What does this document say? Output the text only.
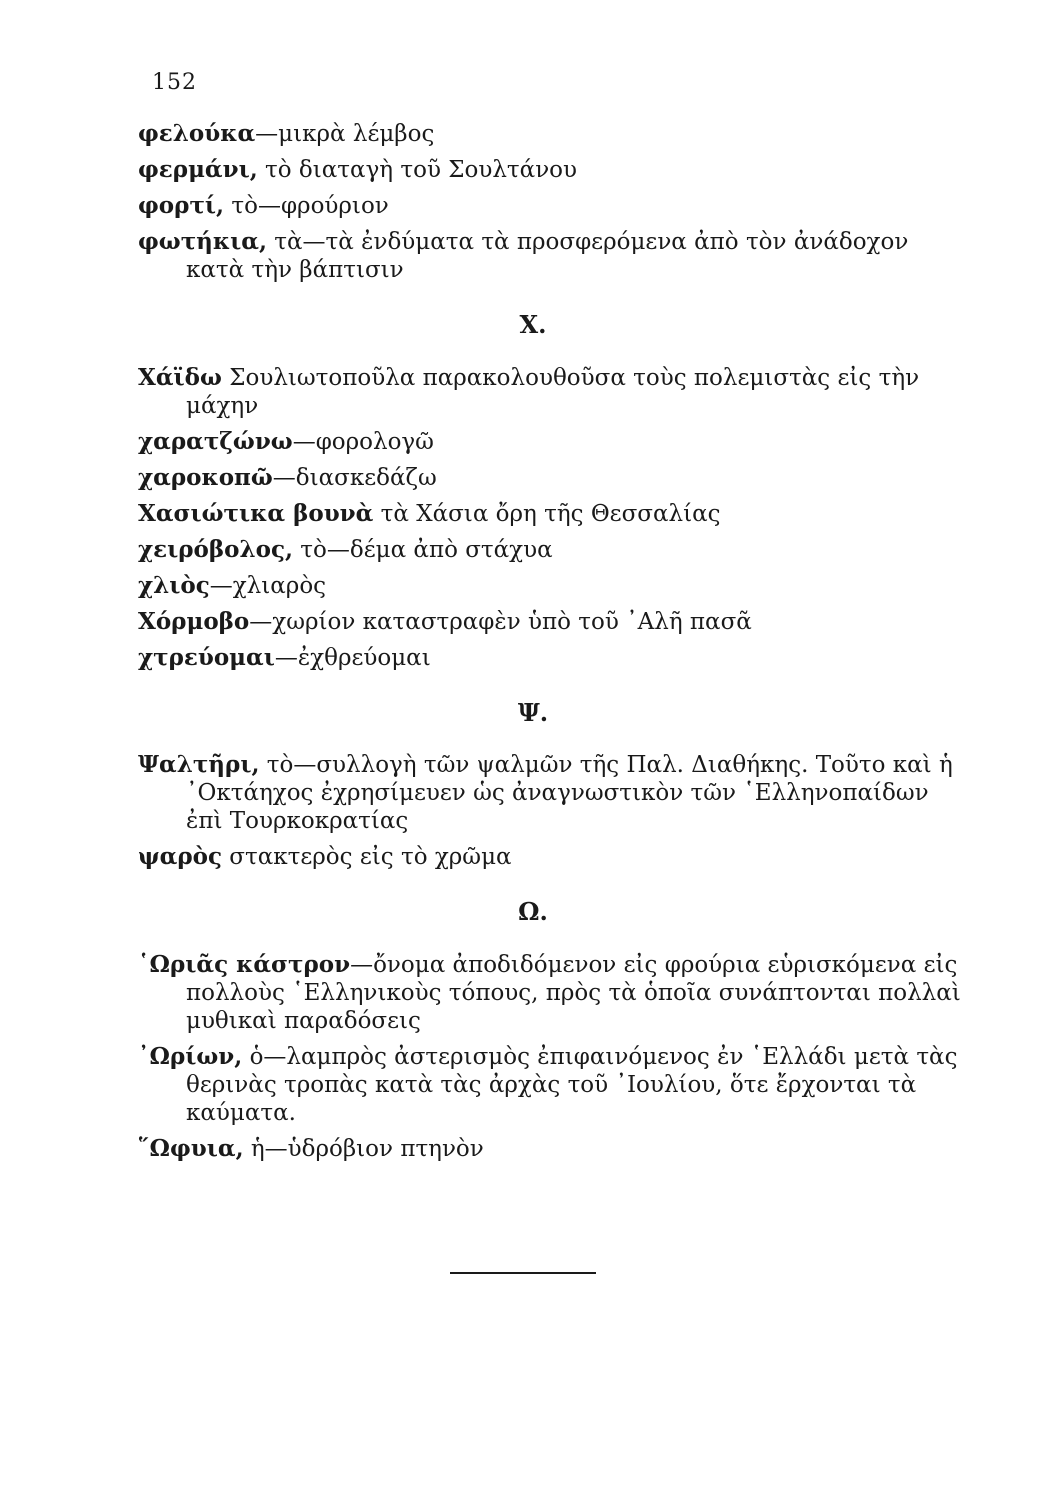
152

φελούκα—μικρὰ λέμβος

φερμάνι, τὸ διαταγὴ τοῦ Σουλτάνου

φορτί, τὸ—φρούριον

φωτήκια, τὰ—τὰ ἐνδύματα τὰ προσφερόμενα ἀπὸ τὸν ἀνάδοχον κατὰ τὴν βάπτισιν

Χ.

Χάϊδω Σουλιωτοποῦλα παρακολουθοῦσα τοὺς πολεμιστὰς εἰς τὴν μάχην

χαρατζώνω—φορολογῶ

χαροκοπῶ—διασκεδάζω

Χασιώτικα βουνὰ τὰ Χάσια ὄρη τῆς Θεσσαλίας

χειρόβολος, τὸ—δέμα ἀπὸ στάχυα

χλιὸς—χλιαρὸς

Χόρμοβο—χωρίον καταστραφὲν ὑπὸ τοῦ ᾿Αλῆ πασᾶ

χτρεύομαι—ἐχθρεύομαι

Ψ.

Ψαλτῆρι, τὸ—συλλογὴ τῶν ψαλμῶν τῆς Παλ. Διαθήκης. Τοῦτο καὶ ἡ ᾿Οκτάηχος ἐχρησίμευεν ὡς ἀναγνωστικὸν τῶν ῾Ελληνοπαίδων ἐπὶ Τουρκοκρατίας

ψαρὸς στακτερὸς εἰς τὸ χρῶμα

Ω.

῾Ωριᾶς κάστρον—ὄνομα ἀποδιδόμενον εἰς φρούρια εὑρισκόμενα εἰς πολλοὺς ῾Ελληνικοὺς τόπους, πρὸς τὰ ὁποῖα συνάπτονται πολλαὶ μυθικαὶ παραδόσεις

᾿Ωρίων, ὁ—λαμπρὸς ἀστερισμὸς ἐπιφαινόμενος ἐν ῾Ελλάδι μετὰ τὰς θερινὰς τροπὰς κατὰ τὰς ἀρχὰς τοῦ ᾿Ιουλίου, ὅτε ἔρχονται τὰ καύματα.

῞Ωφυια, ἡ—ὑδρόβιον πτηνὸν
